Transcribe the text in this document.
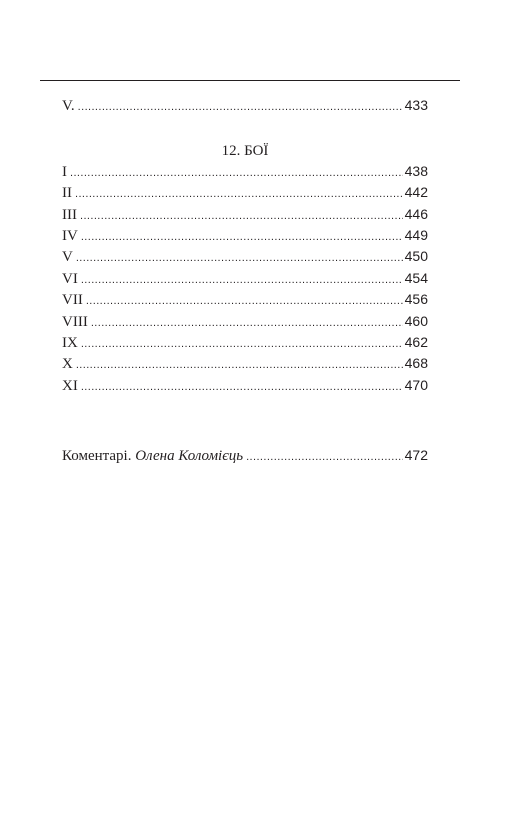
V. .....	433
12. БОЇ
I .....	438
II .....	442
III .....	446
IV .....	449
V .....	450
VI .....	454
VII .....	456
VIII .....	460
IX .....	462
X .....	468
XI .....	470
Коментарі. Олена Коломієць .....	472
